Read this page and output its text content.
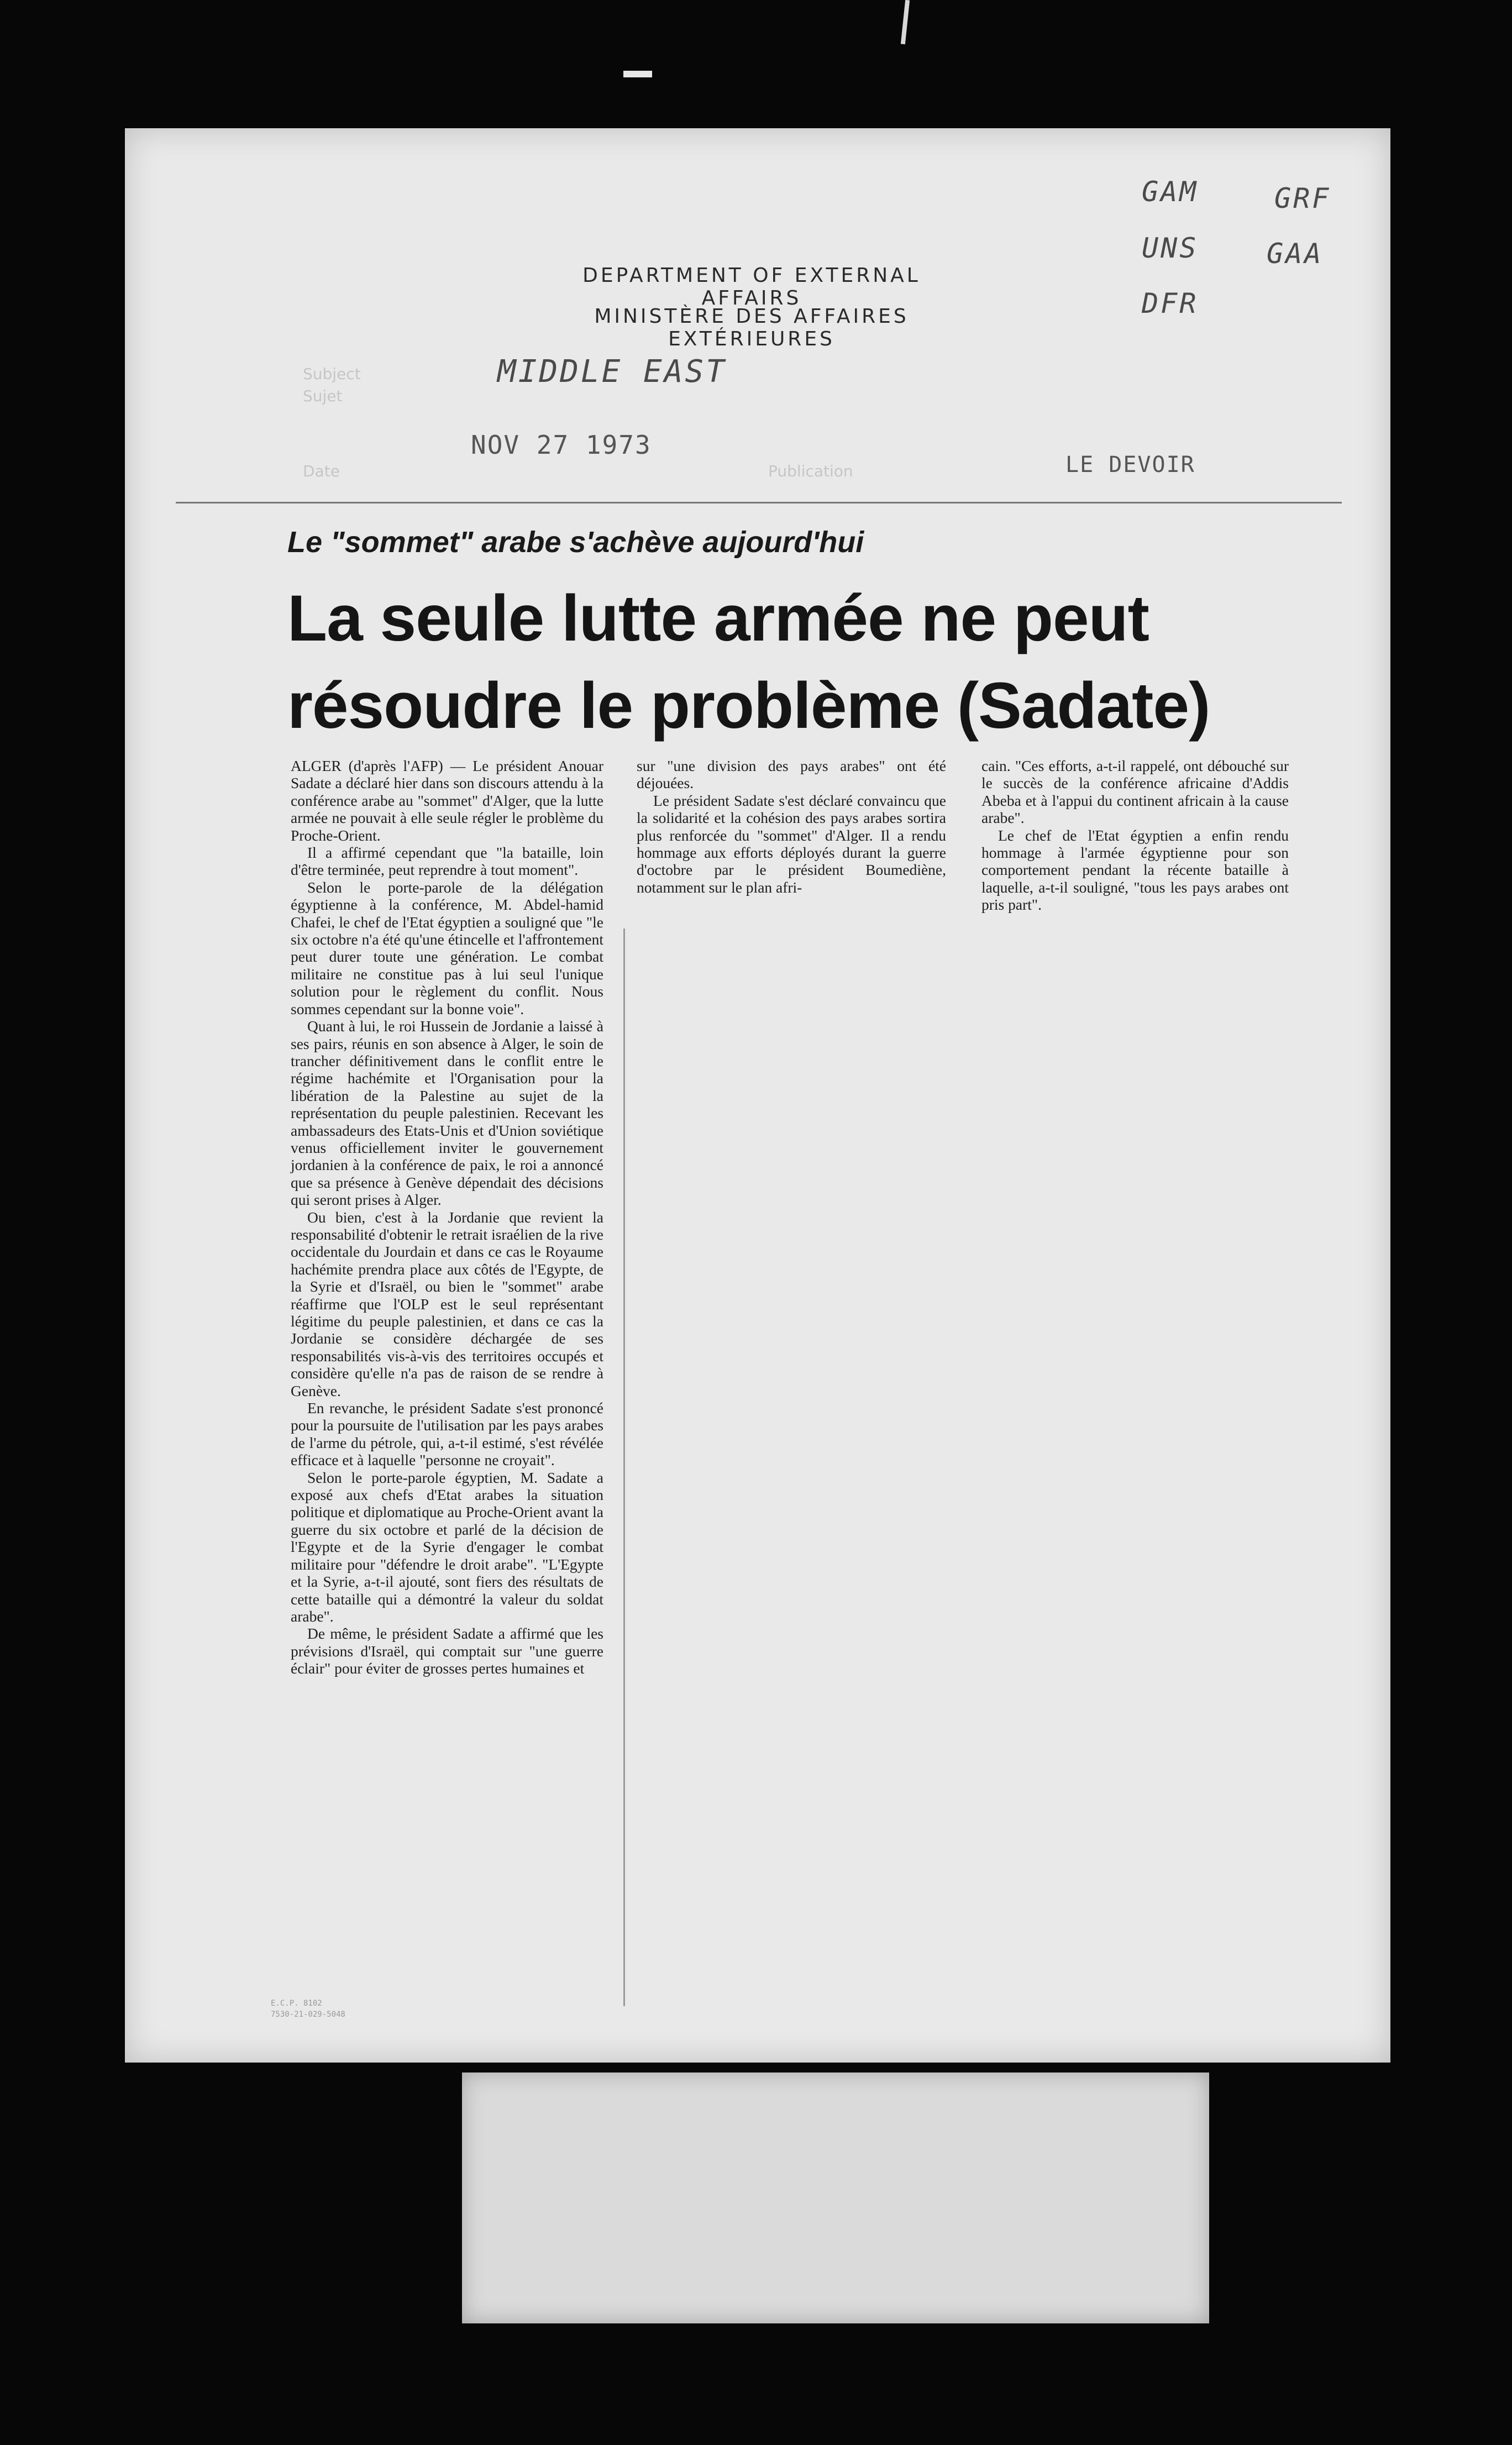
DEPARTMENT OF EXTERNAL AFFAIRS
MINISTÈRE DES AFFAIRES EXTÉRIEURES
Subject
Sujet
MIDDLE EAST
GAM	GRF
UNS GAA
DFR
NOV 27 1973
LE DEVOIR
Date	Publication
Le "sommet" arabe s'achève aujourd'hui
La seule lutte armée ne peut résoudre le problème (Sadate)

ALGER (d'après l'AFP) — Le président Anouar Sadate a déclaré hier dans son discours attendu à la conférence arabe au "sommet" d'Alger, que la lutte armée ne pouvait à elle seule régler le problème du Proche-Orient.

Il a affirmé cependant que "la bataille, loin d'être terminée, peut reprendre à tout moment".

Selon le porte-parole de la délégation égyptienne à la conférence, M. Abdel-hamid Chafei, le chef de l'Etat égyptien a souligné que "le six octobre n'a été qu'une étincelle et l'affrontement peut durer toute une génération. Le combat militaire ne constitue pas à lui seul l'unique solution pour le règlement du conflit. Nous sommes cependant sur la bonne voie".

Quant à lui, le roi Hussein de Jordanie a laissé à ses pairs, réunis en son absence à Alger, le soin de trancher définitivement dans le conflit entre le régime hachémite et l'Organisation pour la libération de la Palestine au sujet de la représentation du peuple palestinien. Recevant les ambassadeurs des Etats-Unis et d'Union soviétique venus officiellement inviter le gouvernement jordanien à la conférence de paix, le roi a annoncé que sa présence à Genève dépendait des décisions qui seront prises à Alger.

Ou bien, c'est à la Jordanie que revient la responsabilité d'obtenir le retrait israélien de la rive occidentale du Jourdain et dans ce cas le Royaume hachémite prendra place aux côtés de l'Egypte, de la Syrie et d'Israël, ou bien le "sommet" arabe réaffirme que l'OLP est le seul représentant légitime du peuple palestinien, et dans ce cas la Jordanie se considère déchargée de ses responsabilités vis-à-vis des territoires occupés et considère qu'elle n'a pas de raison de se rendre à Genève.

En revanche, le président Sadate s'est prononcé pour la poursuite de l'utilisation par les pays arabes de l'arme du pétrole, qui, a-t-il estimé, s'est révélée efficace et à laquelle "personne ne croyait".

Selon le porte-parole égyptien, M. Sadate a exposé aux chefs d'Etat arabes la situation politique et diplomatique au Proche-Orient avant la guerre du six octobre et parlé de la décision de l'Egypte et de la Syrie d'engager le combat militaire pour "défendre le droit arabe". "L'Egypte et la Syrie, a-t-il ajouté, sont fiers des résultats de cette bataille qui a démontré la valeur du soldat arabe".

De même, le président Sadate a affirmé que les prévisions d'Israël, qui comptait sur "une guerre éclair" pour éviter de grosses pertes humaines et

sur "une division des pays arabes" ont été déjouées.

Le président Sadate s'est déclaré convaincu que la solidarité et la cohésion des pays arabes sortira plus renforcée du "sommet" d'Alger. Il a rendu hommage aux efforts déployés durant la guerre d'octobre par le président Boumediène, notamment sur le plan afri-

cain. "Ces efforts, a-t-il rappelé, ont débouché sur le succès de la conférence africaine d'Addis Abeba et à l'appui du continent africain à la cause arabe".

Le chef de l'Etat égyptien a enfin rendu hommage à l'armée égyptienne pour son comportement pendant la récente bataille à laquelle, a-t-il souligné, "tous les pays arabes ont pris part".

E.C.P. 8102
7530-21-029-5048
